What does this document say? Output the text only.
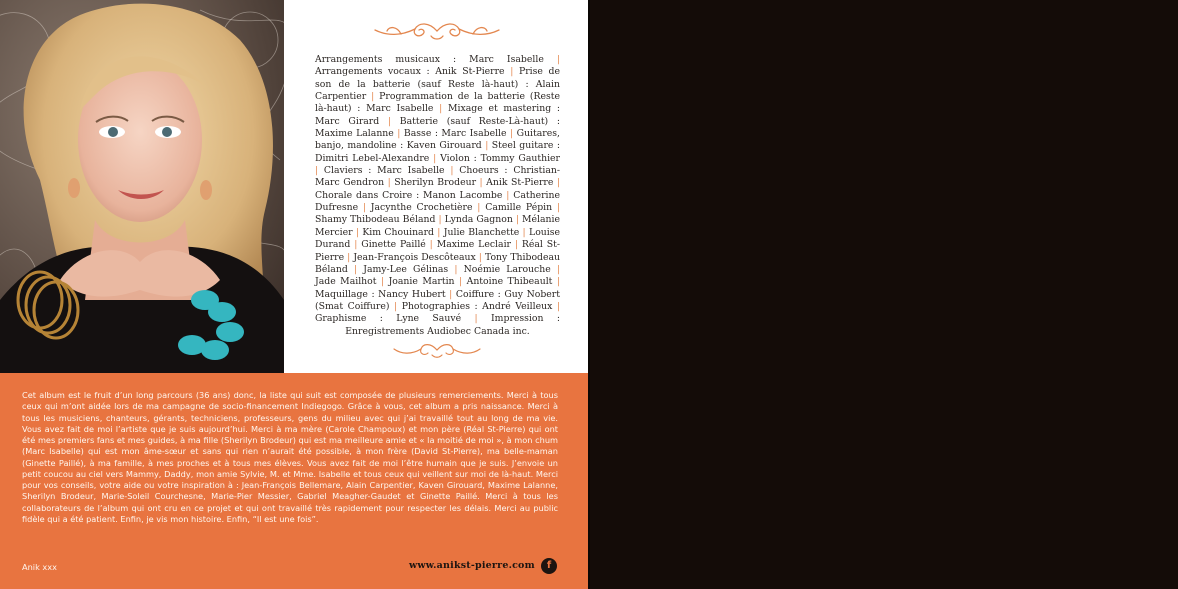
Arrangements musicaux : Marc Isabelle | Arrangements vocaux : Anik St-Pierre | Prise de son de la batterie (sauf Reste là-haut) : Alain Carpentier | Programmation de la batterie (Reste là-haut) : Marc Isabelle | Mixage et mastering : Marc Girard | Batterie (sauf Reste-Là-haut) : Maxime Lalanne | Basse : Marc Isabelle | Guitares, banjo, mandoline : Kaven Girouard | Steel guitare : Dimitri Lebel-Alexandre | Violon : Tommy Gauthier | Claviers : Marc Isabelle | Choeurs : Christian-Marc Gendron | Sherilyn Brodeur | Anik St-Pierre | Chorale dans Croire : Manon Lacombe | Catherine Dufresne | Jacynthe Crochetière | Camille Pépin | Shamy Thibodeau Béland | Lynda Gagnon | Mélanie Mercier | Kim Chouinard | Julie Blanchette | Louise Durand | Ginette Paillé | Maxime Leclair | Réal St-Pierre | Jean-François Descôteaux | Tony Thibodeau Béland | Jamy-Lee Gélinas | Noémie Larouche | Jade Mailhot | Joanie Martin | Antoine Thibeault | Maquillage : Nancy Hubert | Coiffure : Guy Nobert (Smat Coiffure) | Photographies : André Veilleux | Graphisme : Lyne Sauvé | Impression : Enregistrements Audiobec Canada inc.
Cet album est le fruit d’un long parcours (36 ans) donc, la liste qui suit est composée de plusieurs remerciements. Merci à tous ceux qui m’ont aidée lors de ma campagne de socio-financement Indiegogo. Grâce à vous, cet album a pris naissance. Merci à tous les musiciens, chanteurs, gérants, techniciens, professeurs, gens du milieu avec qui j’ai travaillé tout au long de ma vie. Vous avez fait de moi l’artiste que je suis aujourd’hui. Merci à ma mère (Carole Champoux) et mon père (Réal St-Pierre) qui ont été mes premiers fans et mes guides, à ma fille (Sherilyn Brodeur) qui est ma meilleure amie et « la moitié de moi », à mon chum (Marc Isabelle) qui est mon âme-sœur et sans qui rien n’aurait été possible, à mon frère (David St-Pierre), ma belle-maman (Ginette Paillé), à ma famille, à mes proches et à tous mes élèves. Vous avez fait de moi l’être humain que je suis. J’envoie un petit coucou au ciel vers Mammy, Daddy, mon amie Sylvie, M. et Mme. Isabelle et tous ceux qui veillent sur moi de là-haut. Merci pour vos conseils, votre aide ou votre inspiration à : Jean-François Bellemare, Alain Carpentier, Kaven Girouard, Maxime Lalanne, Sherilyn Brodeur, Marie-Soleil Courchesne, Marie-Pier Messier, Gabriel Meagher-Gaudet et Ginette Paillé. Merci à tous les collaborateurs de l’album qui ont cru en ce projet et qui ont travaillé très rapidement pour respecter les délais. Merci au public fidèle qui a été patient. Enfin, je vis mon histoire. Enfin, “Il est une fois”.
Anik xxx	www.anikst-pierre.com	f
